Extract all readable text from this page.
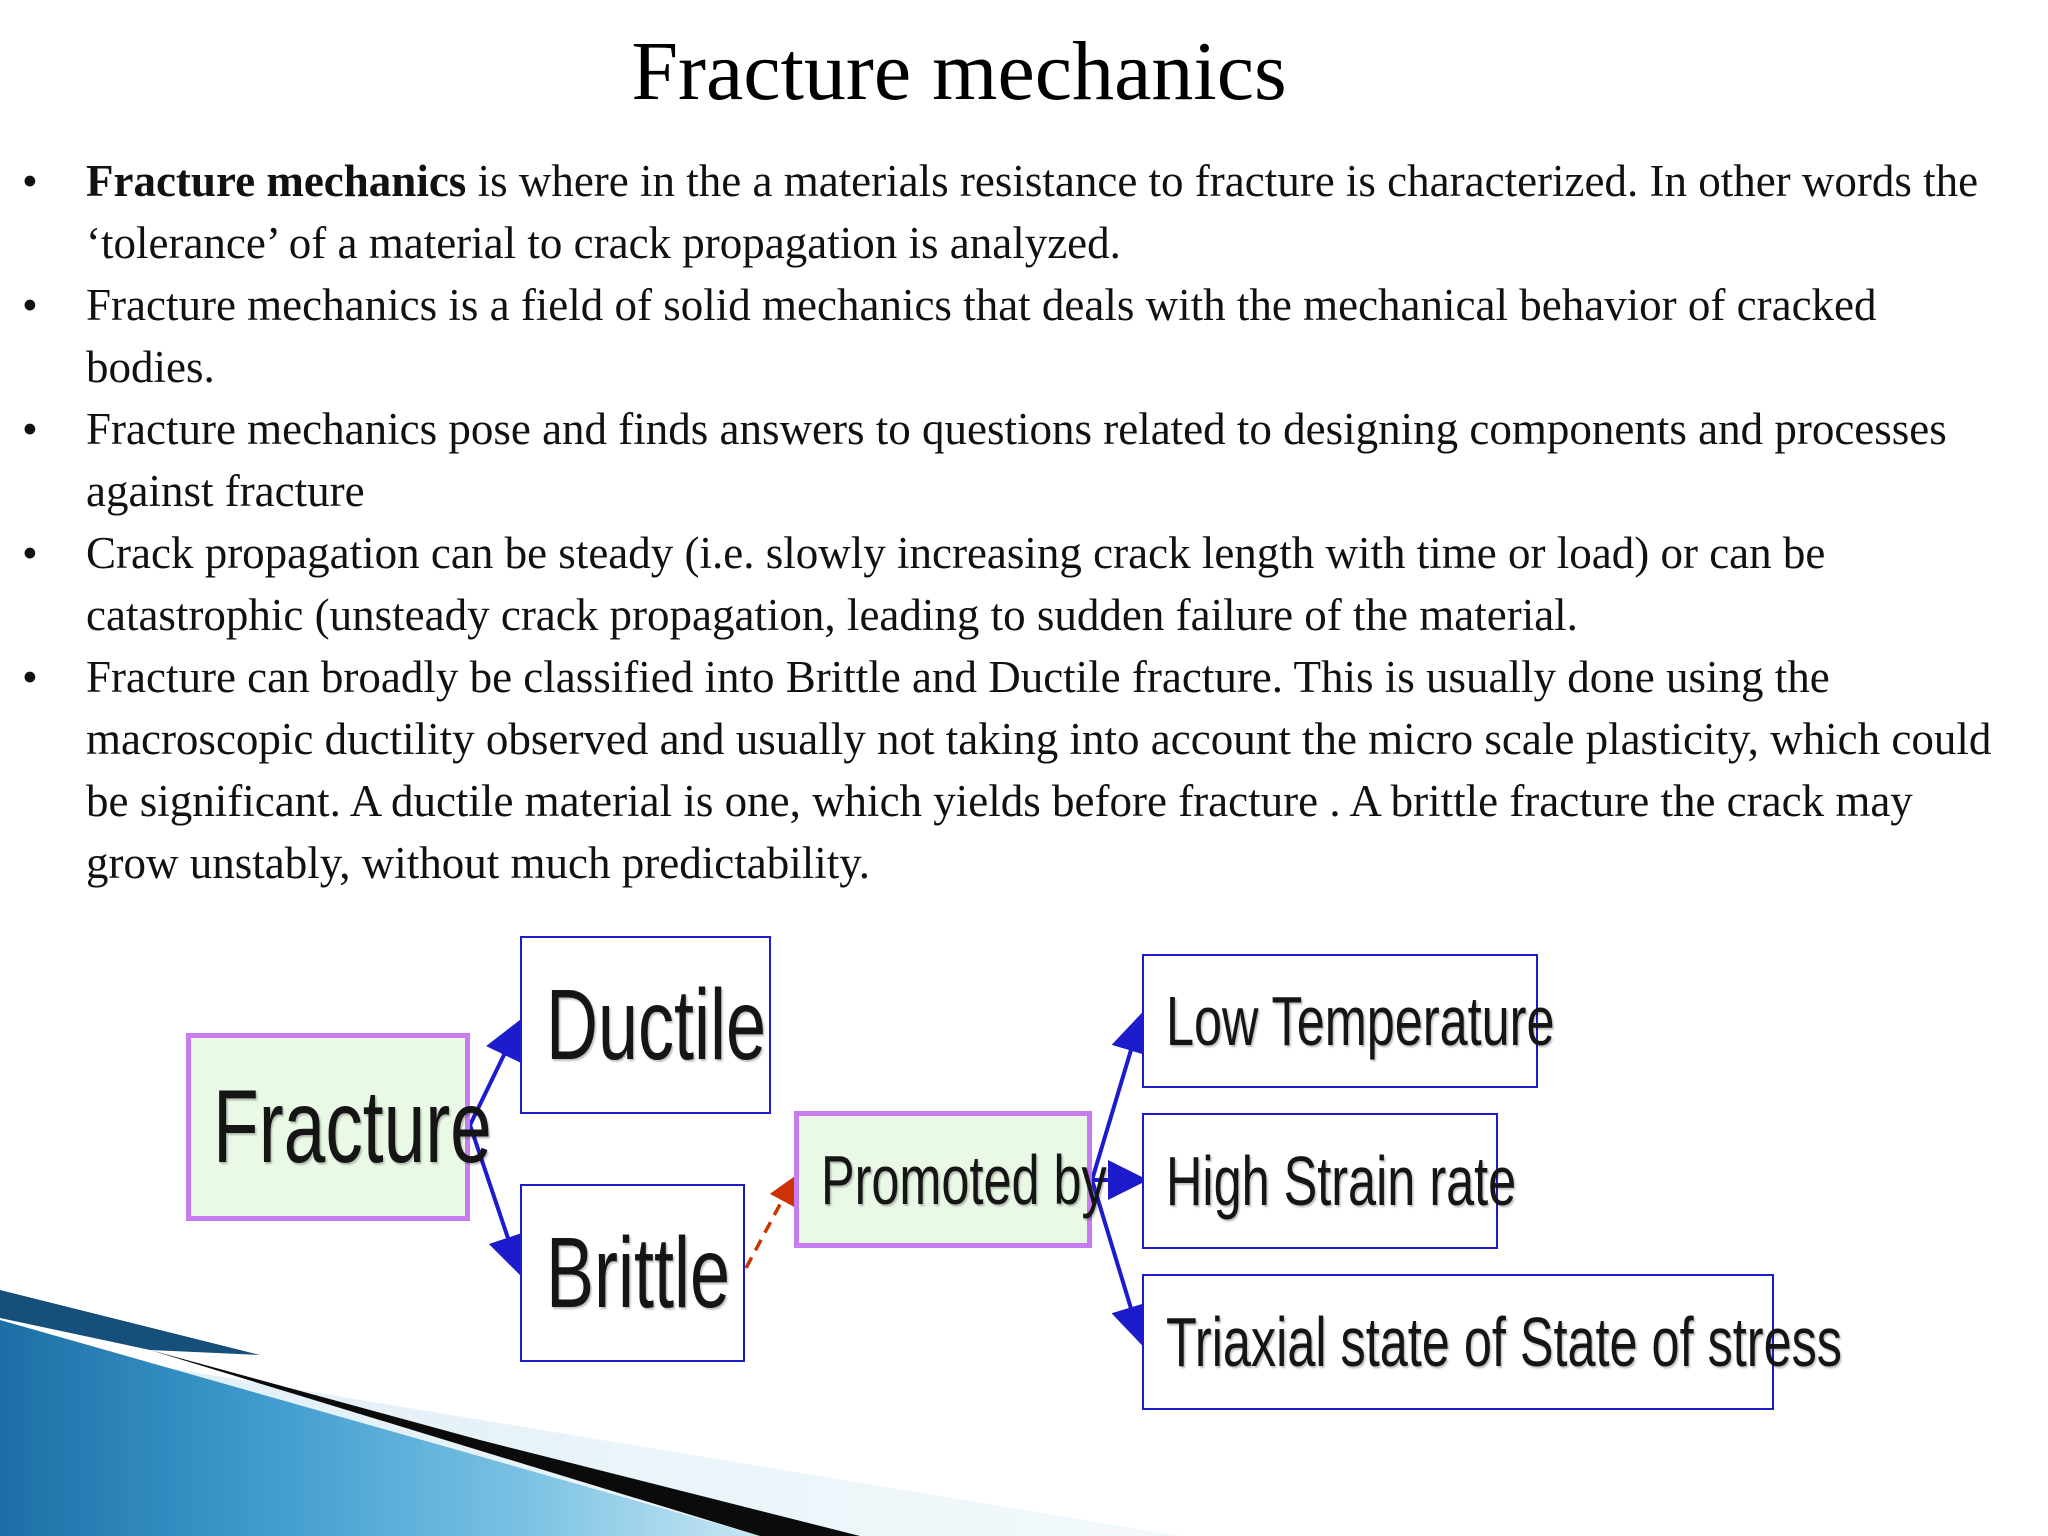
Fracture mechanics
• Fracture mechanics is where in the a materials resistance to fracture is characterized. In other words the ‘tolerance’ of a material to crack propagation is analyzed.
• Fracture mechanics is a field of solid mechanics that deals with the mechanical behavior of cracked bodies.
• Fracture mechanics pose and finds answers to questions related to designing components and processes against fracture
• Crack propagation can be steady (i.e. slowly increasing crack length with time or load) or can be catastrophic (unsteady crack propagation, leading to sudden failure of the material.
• Fracture can broadly be classified into Brittle and Ductile fracture. This is usually done using the macroscopic ductility observed and usually not taking into account the micro scale plasticity, which could be significant. A ductile material is one, which yields before fracture . A brittle fracture the crack may grow unstably, without much predictability.
Fracture
Ductile
Brittle
Promoted by
Low Temperature
High Strain rate
Triaxial state of State of stress
